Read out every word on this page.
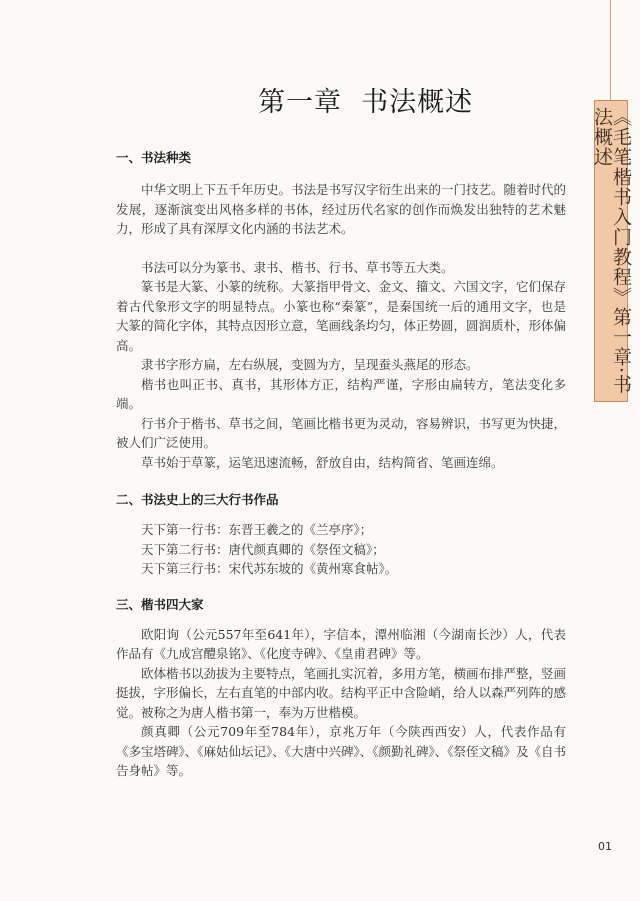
《毛笔楷书入门教程》第一章·书法概述
第一章  书法概述
一、书法种类

中华文明上下五千年历史。书法是书写汉字衍生出来的一门技艺。随着时代的发展，逐渐演变出风格多样的书体，经过历代名家的创作而焕发出独特的艺术魅力，形成了具有深厚文化内涵的书法艺术。

书法可以分为篆书、隶书、楷书、行书、草书等五大类。

篆书是大篆、小篆的统称。大篆指甲骨文、金文、籀文、六国文字，它们保存着古代象形文字的明显特点。小篆也称“秦篆”，是秦国统一后的通用文字，也是大篆的简化字体，其特点因形立意，笔画线条均匀，体正势圆，圆润质朴，形体偏高。

隶书字形方扁，左右纵展，变圆为方，呈现蚕头燕尾的形态。

楷书也叫正书、真书，其形体方正，结构严谨，字形由扁转方，笔法变化多端。

行书介于楷书、草书之间，笔画比楷书更为灵动，容易辨识，书写更为快捷，被人们广泛使用。

草书始于草篆，运笔迅速流畅，舒放自由，结构简省、笔画连绵。

二、书法史上的三大行书作品

天下第一行书：东晋王羲之的《兰亭序》；

天下第二行书：唐代颜真卿的《祭侄文稿》；

天下第三行书：宋代苏东坡的《黄州寒食帖》。

三、楷书四大家

欧阳询（公元557年至641年），字信本，潭州临湘（今湖南长沙）人，代表作品有《九成宫醴泉铭》、《化度寺碑》、《皇甫君碑》等。

欧体楷书以劲拔为主要特点，笔画扎实沉着，多用方笔，横画布排严整，竖画挺拔，字形偏长，左右直笔的中部内收。结构平正中含险峭，给人以森严列阵的感觉。被称之为唐人楷书第一，奉为万世楷模。

颜真卿（公元709年至784年），京兆万年（今陕西西安）人，代表作品有《多宝塔碑》、《麻姑仙坛记》、《大唐中兴碑》、《颜勤礼碑》、《祭侄文稿》及《自书告身帖》等。

01
